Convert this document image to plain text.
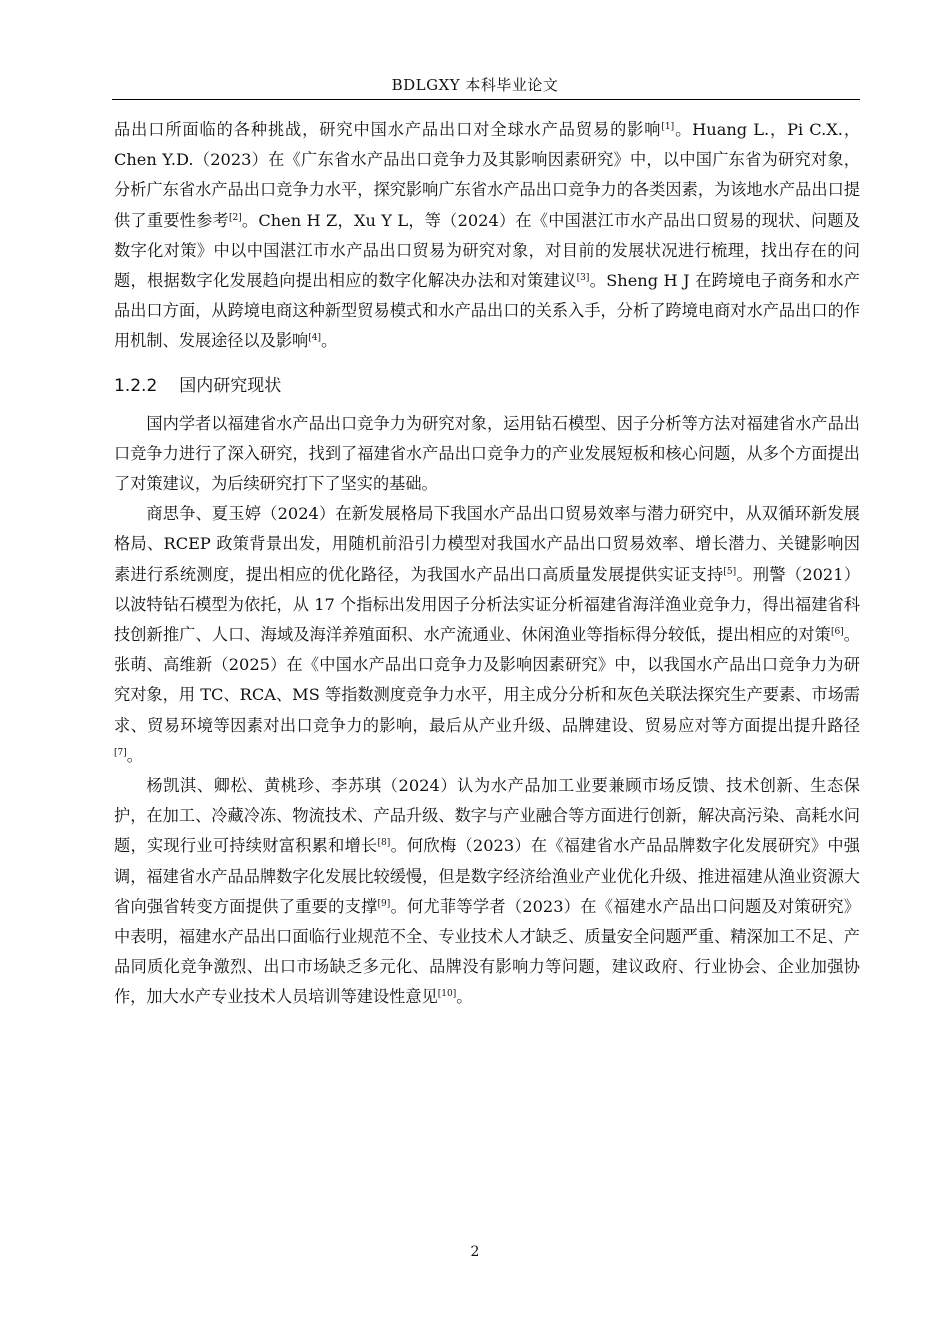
BDLGXY 本科毕业论文

品出口所面临的各种挑战，研究中国水产品出口对全球水产品贸易的影响[1]。Huang L.，Pi C.X.，Chen Y.D.（2023）在《广东省水产品出口竞争力及其影响因素研究》中，以中国广东省为研究对象，分析广东省水产品出口竞争力水平，探究影响广东省水产品出口竞争力的各类因素，为该地水产品出口提供了重要性参考[2]。Chen H Z，Xu Y L，等（2024）在《中国湛江市水产品出口贸易的现状、问题及数字化对策》中以中国湛江市水产品出口贸易为研究对象，对目前的发展状况进行梳理，找出存在的问题，根据数字化发展趋向提出相应的数字化解决办法和对策建议[3]。Sheng H J 在跨境电子商务和水产品出口方面，从跨境电商这种新型贸易模式和水产品出口的关系入手，分析了跨境电商对水产品出口的作用机制、发展途径以及影响[4]。

1.2.2 国内研究现状

国内学者以福建省水产品出口竞争力为研究对象，运用钻石模型、因子分析等方法对福建省水产品出口竞争力进行了深入研究，找到了福建省水产品出口竞争力的产业发展短板和核心问题，从多个方面提出了对策建议，为后续研究打下了坚实的基础。

商思争、夏玉婷（2024）在新发展格局下我国水产品出口贸易效率与潜力研究中，从双循环新发展格局、RCEP 政策背景出发，用随机前沿引力模型对我国水产品出口贸易效率、增长潜力、关键影响因素进行系统测度，提出相应的优化路径，为我国水产品出口高质量发展提供实证支持[5]。刑警（2021）以波特钻石模型为依托，从 17 个指标出发用因子分析法实证分析福建省海洋渔业竞争力，得出福建省科技创新推广、人口、海域及海洋养殖面积、水产流通业、休闲渔业等指标得分较低，提出相应的对策[6]。张萌、高维新（2025）在《中国水产品出口竞争力及影响因素研究》中，以我国水产品出口竞争力为研究对象，用 TC、RCA、MS 等指数测度竞争力水平，用主成分分析和灰色关联法探究生产要素、市场需求、贸易环境等因素对出口竞争力的影响，最后从产业升级、品牌建设、贸易应对等方面提出提升路径[7]。

杨凯淇、卿松、黄桃珍、李苏琪（2024）认为水产品加工业要兼顾市场反馈、技术创新、生态保护，在加工、冷藏冷冻、物流技术、产品升级、数字与产业融合等方面进行创新，解决高污染、高耗水问题，实现行业可持续财富积累和增长[8]。何欣梅（2023）在《福建省水产品品牌数字化发展研究》中强调，福建省水产品品牌数字化发展比较缓慢，但是数字经济给渔业产业优化升级、推进福建从渔业资源大省向强省转变方面提供了重要的支撑[9]。何尤菲等学者（2023）在《福建水产品出口问题及对策研究》中表明，福建水产品出口面临行业规范不全、专业技术人才缺乏、质量安全问题严重、精深加工不足、产品同质化竞争激烈、出口市场缺乏多元化、品牌没有影响力等问题，建议政府、行业协会、企业加强协作，加大水产专业技术人员培训等建设性意见[10]。

2
